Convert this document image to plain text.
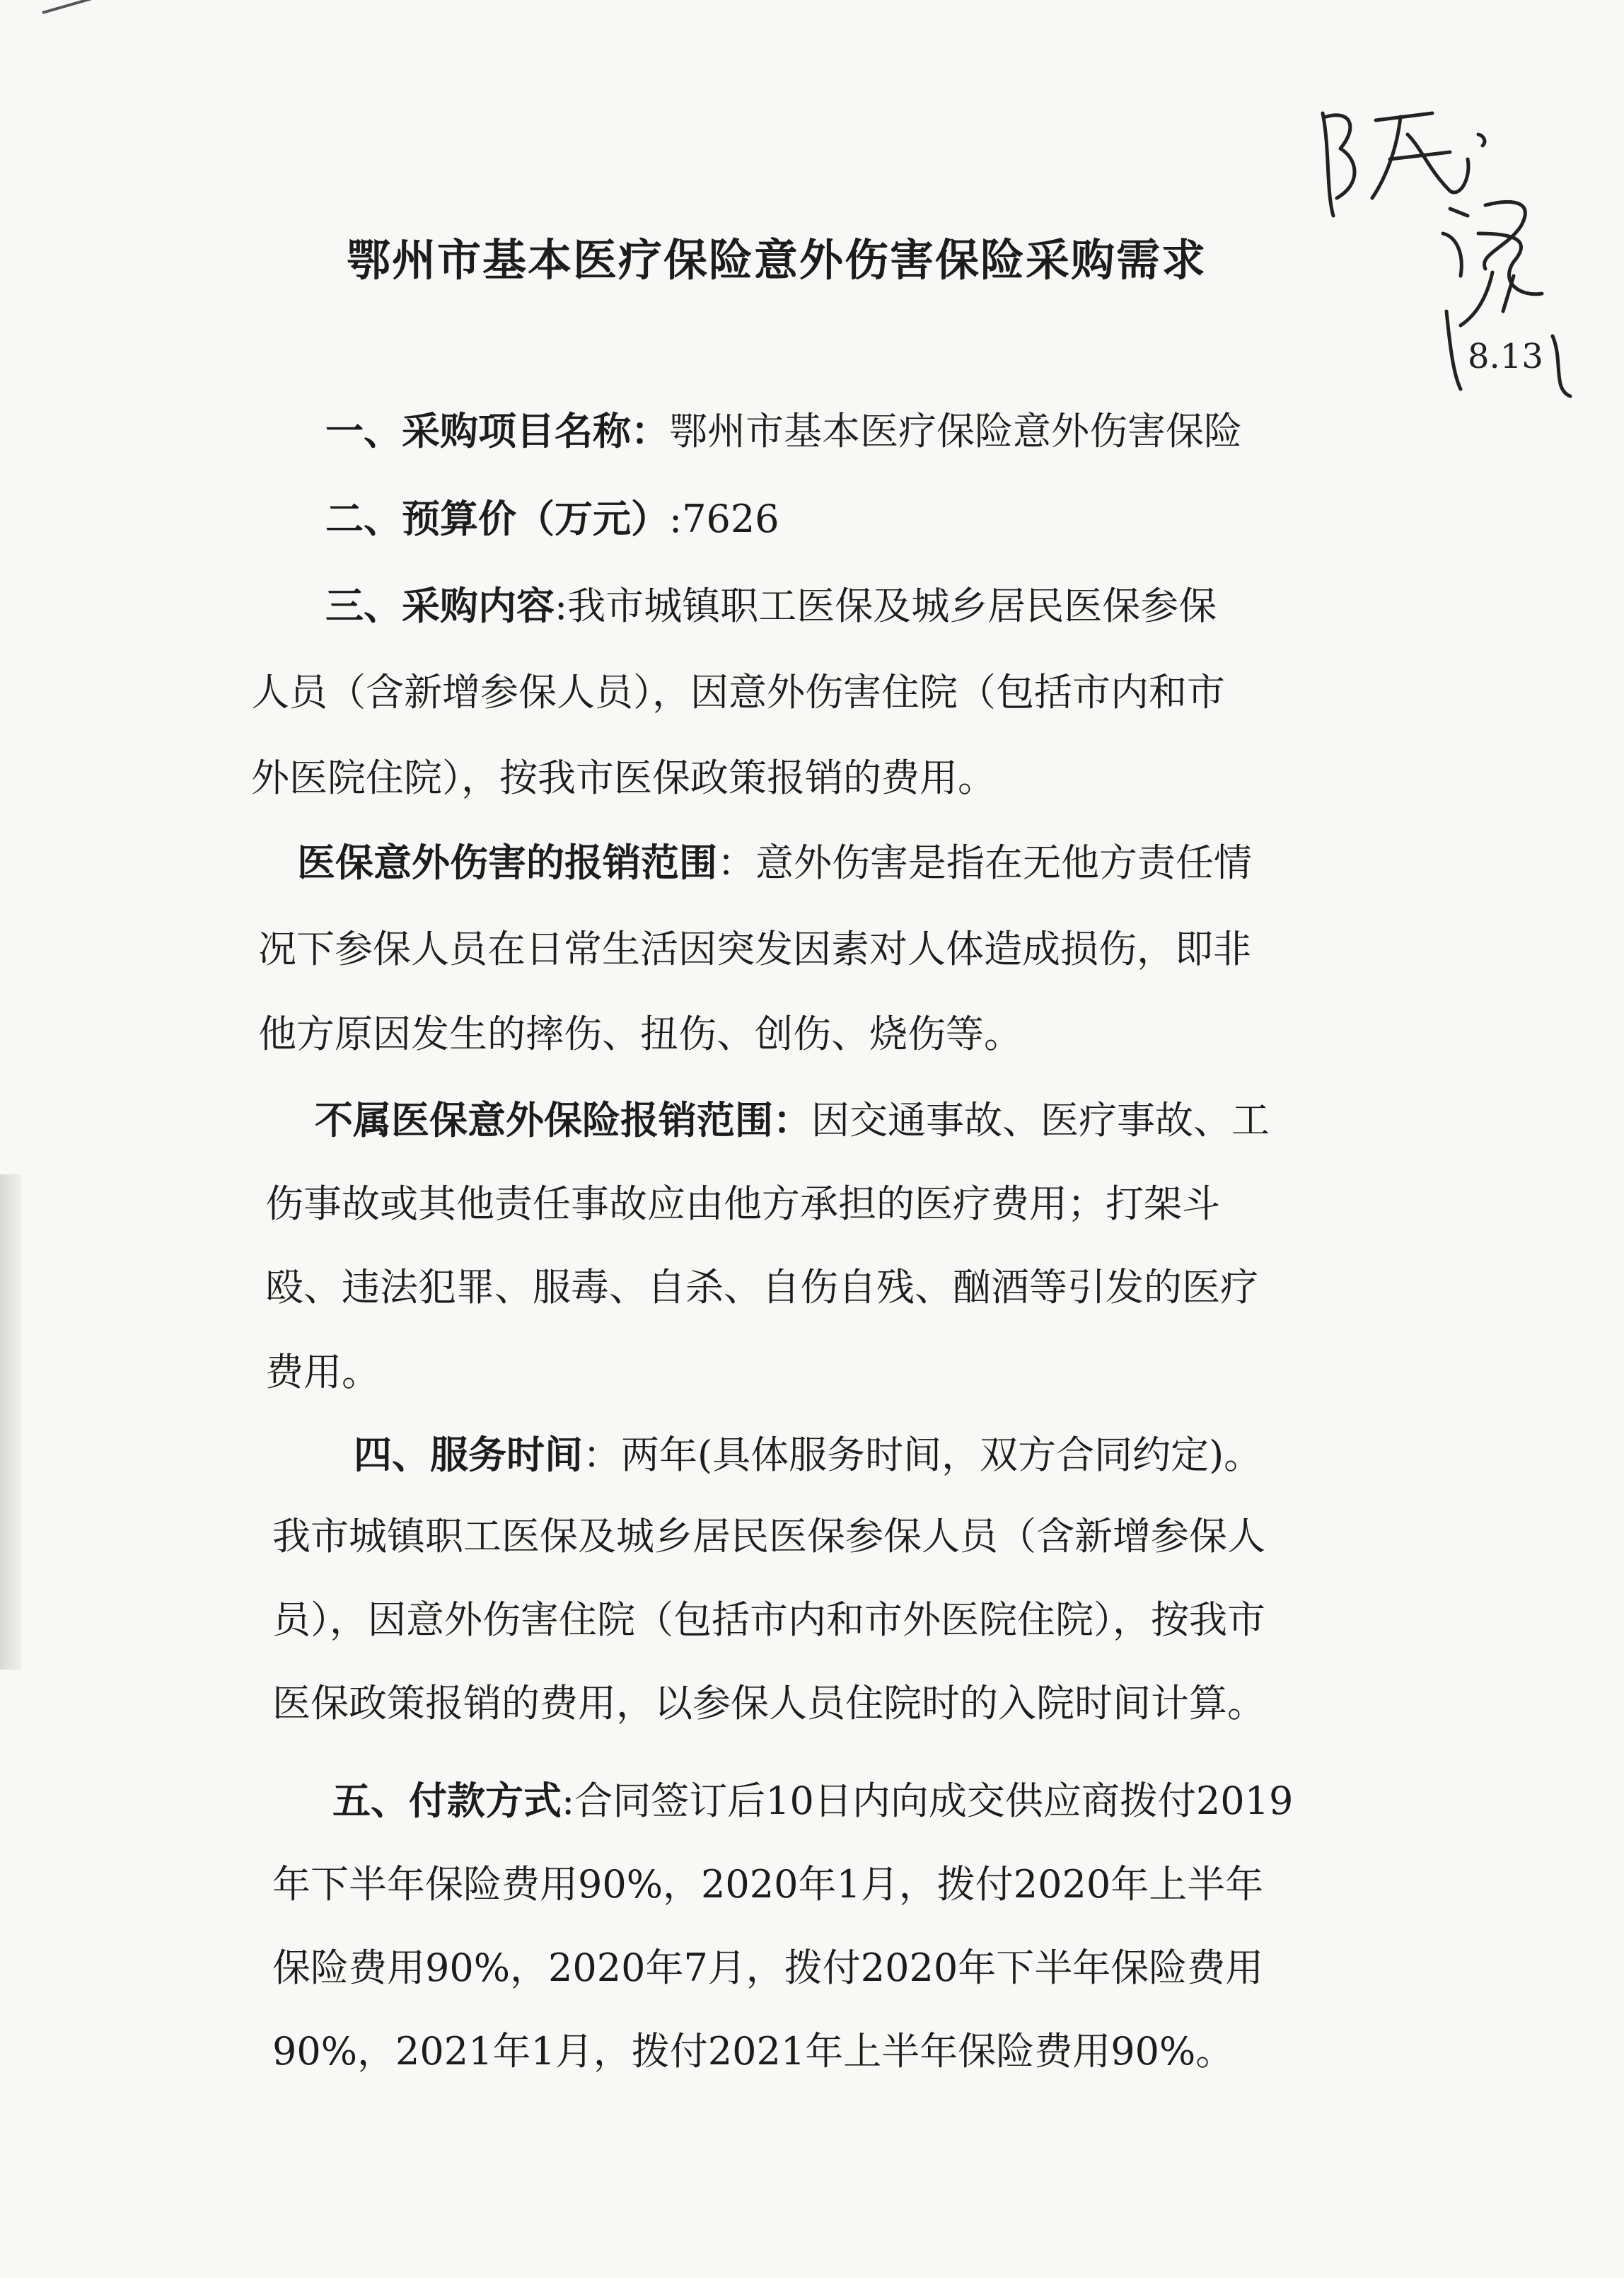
8.13
鄂州市基本医疗保险意外伤害保险采购需求
一、采购项目名称：鄂州市基本医疗保险意外伤害保险
二、预算价（万元）:7626
三、采购内容:我市城镇职工医保及城乡居民医保参保
人员（含新增参保人员），因意外伤害住院（包括市内和市
外医院住院），按我市医保政策报销的费用。
医保意外伤害的报销范围：意外伤害是指在无他方责任情
况下参保人员在日常生活因突发因素对人体造成损伤，即非
他方原因发生的摔伤、扭伤、创伤、烧伤等。
不属医保意外保险报销范围：因交通事故、医疗事故、工
伤事故或其他责任事故应由他方承担的医疗费用；打架斗
殴、违法犯罪、服毒、自杀、自伤自残、酗酒等引发的医疗
费用。
四、服务时间：两年(具体服务时间，双方合同约定)。
我市城镇职工医保及城乡居民医保参保人员（含新增参保人
员），因意外伤害住院（包括市内和市外医院住院），按我市
医保政策报销的费用，以参保人员住院时的入院时间计算。
五、付款方式:合同签订后10日内向成交供应商拨付2019
年下半年保险费用90%，2020年1月，拨付2020年上半年
保险费用90%，2020年7月，拨付2020年下半年保险费用
90%，2021年1月，拨付2021年上半年保险费用90%。
